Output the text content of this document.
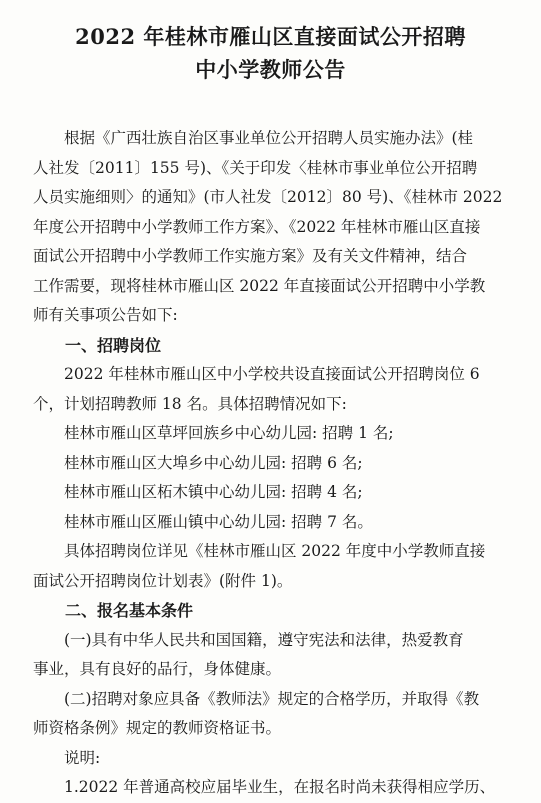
2022 年桂林市雁山区直接面试公开招聘
中小学教师公告
根据《广西壮族自治区事业单位公开招聘人员实施办法》(桂
人社发〔2011〕155 号)、《关于印发〈桂林市事业单位公开招聘
人员实施细则〉的通知》(市人社发〔2012〕80 号)、《桂林市 2022
年度公开招聘中小学教师工作方案》、《2022 年桂林市雁山区直接
面试公开招聘中小学教师工作实施方案》及有关文件精神，结合
工作需要，现将桂林市雁山区 2022 年直接面试公开招聘中小学教
师有关事项公告如下:
一、招聘岗位
2022 年桂林市雁山区中小学校共设直接面试公开招聘岗位 6
个，计划招聘教师 18 名。具体招聘情况如下:
桂林市雁山区草坪回族乡中心幼儿园: 招聘 1 名;
桂林市雁山区大埠乡中心幼儿园: 招聘 6 名;
桂林市雁山区柘木镇中心幼儿园: 招聘 4 名;
桂林市雁山区雁山镇中心幼儿园: 招聘 7 名。
具体招聘岗位详见《桂林市雁山区 2022 年度中小学教师直接
面试公开招聘岗位计划表》(附件 1)。
二、报名基本条件
(一)具有中华人民共和国国籍，遵守宪法和法律，热爱教育
事业，具有良好的品行，身体健康。
(二)招聘对象应具备《教师法》规定的合格学历，并取得《教
师资格条例》规定的教师资格证书。
说明:
1.2022 年普通高校应届毕业生，在报名时尚未获得相应学历、
